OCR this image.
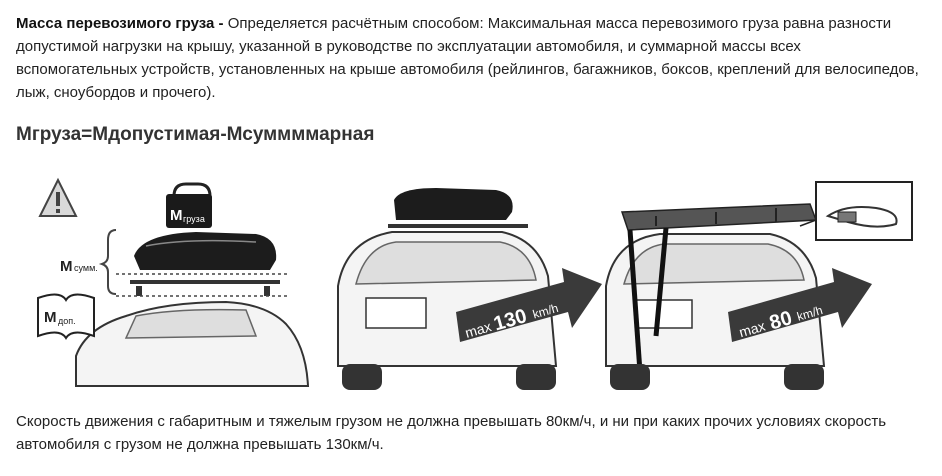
Масса перевозимого груза - Определяется расчётным способом: Максимальная масса перевозимого груза равна разности допустимой нагрузки на крышу, указанной в руководстве по эксплуатации автомобиля, и суммарной массы всех вспомогательных устройств, установленных на крыше автомобиля (рейлингов, багажников, боксов, креплений для велосипедов, лыж, сноубордов и прочего).

Мгруза=Мдопустимая-Мсуммммарная

M груза
M сумм.
M доп.	max
130 km/h
max 80 km/h

Скорость движения с габаритным и тяжелым грузом не должна превышать 80км/ч, и ни при каких прочих условиях скорость автомобиля с грузом не должна превышать 130км/ч.
